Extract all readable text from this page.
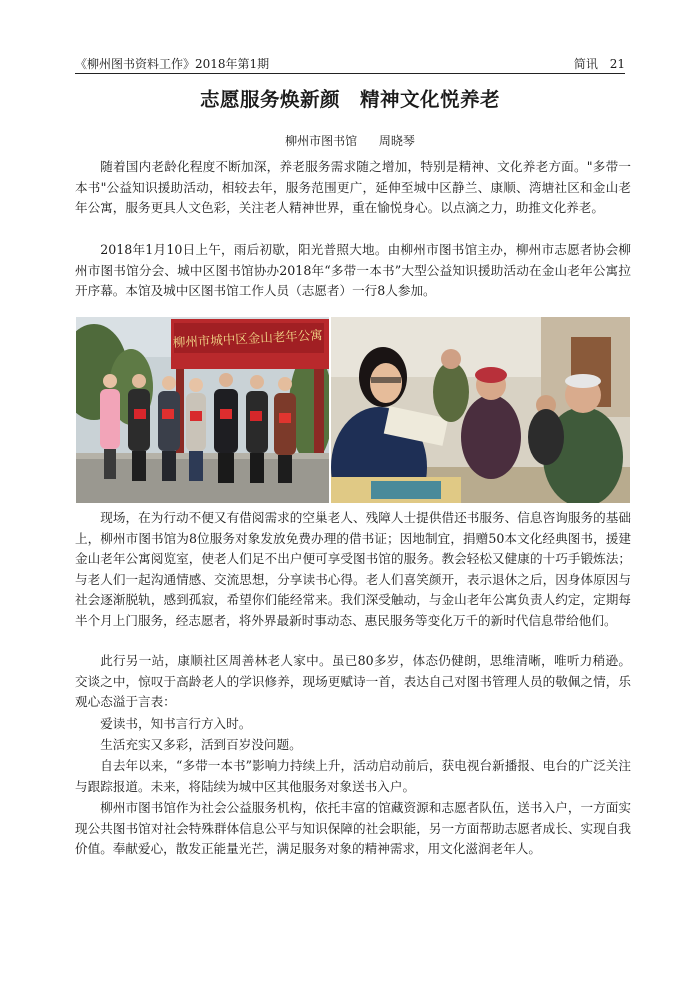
《柳州图书资料工作》2018年第1期	简讯 21
志愿服务焕新颜　精神文化悦养老
柳州市图书馆 周晓琴

随着国内老龄化程度不断加深，养老服务需求随之增加，特别是精神、文化养老方面。"多带一本书"公益知识援助活动，相较去年，服务范围更广，延伸至城中区静兰、康顺、湾塘社区和金山老年公寓，服务更具人文色彩，关注老人精神世界，重在愉悦身心。以点滴之力，助推文化养老。

2018年1月10日上午，雨后初歇，阳光普照大地。由柳州市图书馆主办，柳州市志愿者协会柳州市图书馆分会、城中区图书馆协办2018年“多带一本书”大型公益知识援助活动在金山老年公寓拉开序幕。本馆及城中区图书馆工作人员（志愿者）一行8人参加。

柳州市城中区金山老年公寓

现场，在为行动不便又有借阅需求的空巢老人、残障人士提供借还书服务、信息咨询服务的基础上，柳州市图书馆为8位服务对象发放免费办理的借书证；因地制宜，捐赠50本文化经典图书，援建金山老年公寓阅览室，使老人们足不出户便可享受图书馆的服务。教会轻松又健康的十巧手锻炼法；与老人们一起沟通情感、交流思想，分享读书心得。老人们喜笑颜开，表示退休之后，因身体原因与社会逐渐脱轨，感到孤寂，希望你们能经常来。我们深受触动，与金山老年公寓负责人约定，定期每半个月上门服务，经志愿者，将外界最新时事动态、惠民服务等变化万千的新时代信息带给他们。

此行另一站，康顺社区周善林老人家中。虽已80多岁，体态仍健朗，思维清晰，唯听力稍逊。交谈之中，惊叹于高龄老人的学识修养，现场更赋诗一首，表达自己对图书管理人员的敬佩之情，乐观心态溢于言表：

爱读书，知书言行方入时。

生活充实又多彩，活到百岁没问题。

自去年以来，“多带一本书”影响力持续上升，活动启动前后，获电视台新播报、电台的广泛关注与跟踪报道。未来，将陆续为城中区其他服务对象送书入户。

柳州市图书馆作为社会公益服务机构，依托丰富的馆藏资源和志愿者队伍，送书入户，一方面实现公共图书馆对社会特殊群体信息公平与知识保障的社会职能，另一方面帮助志愿者成长、实现自我价值。奉献爱心，散发正能量光芒，满足服务对象的精神需求，用文化滋润老年人。
